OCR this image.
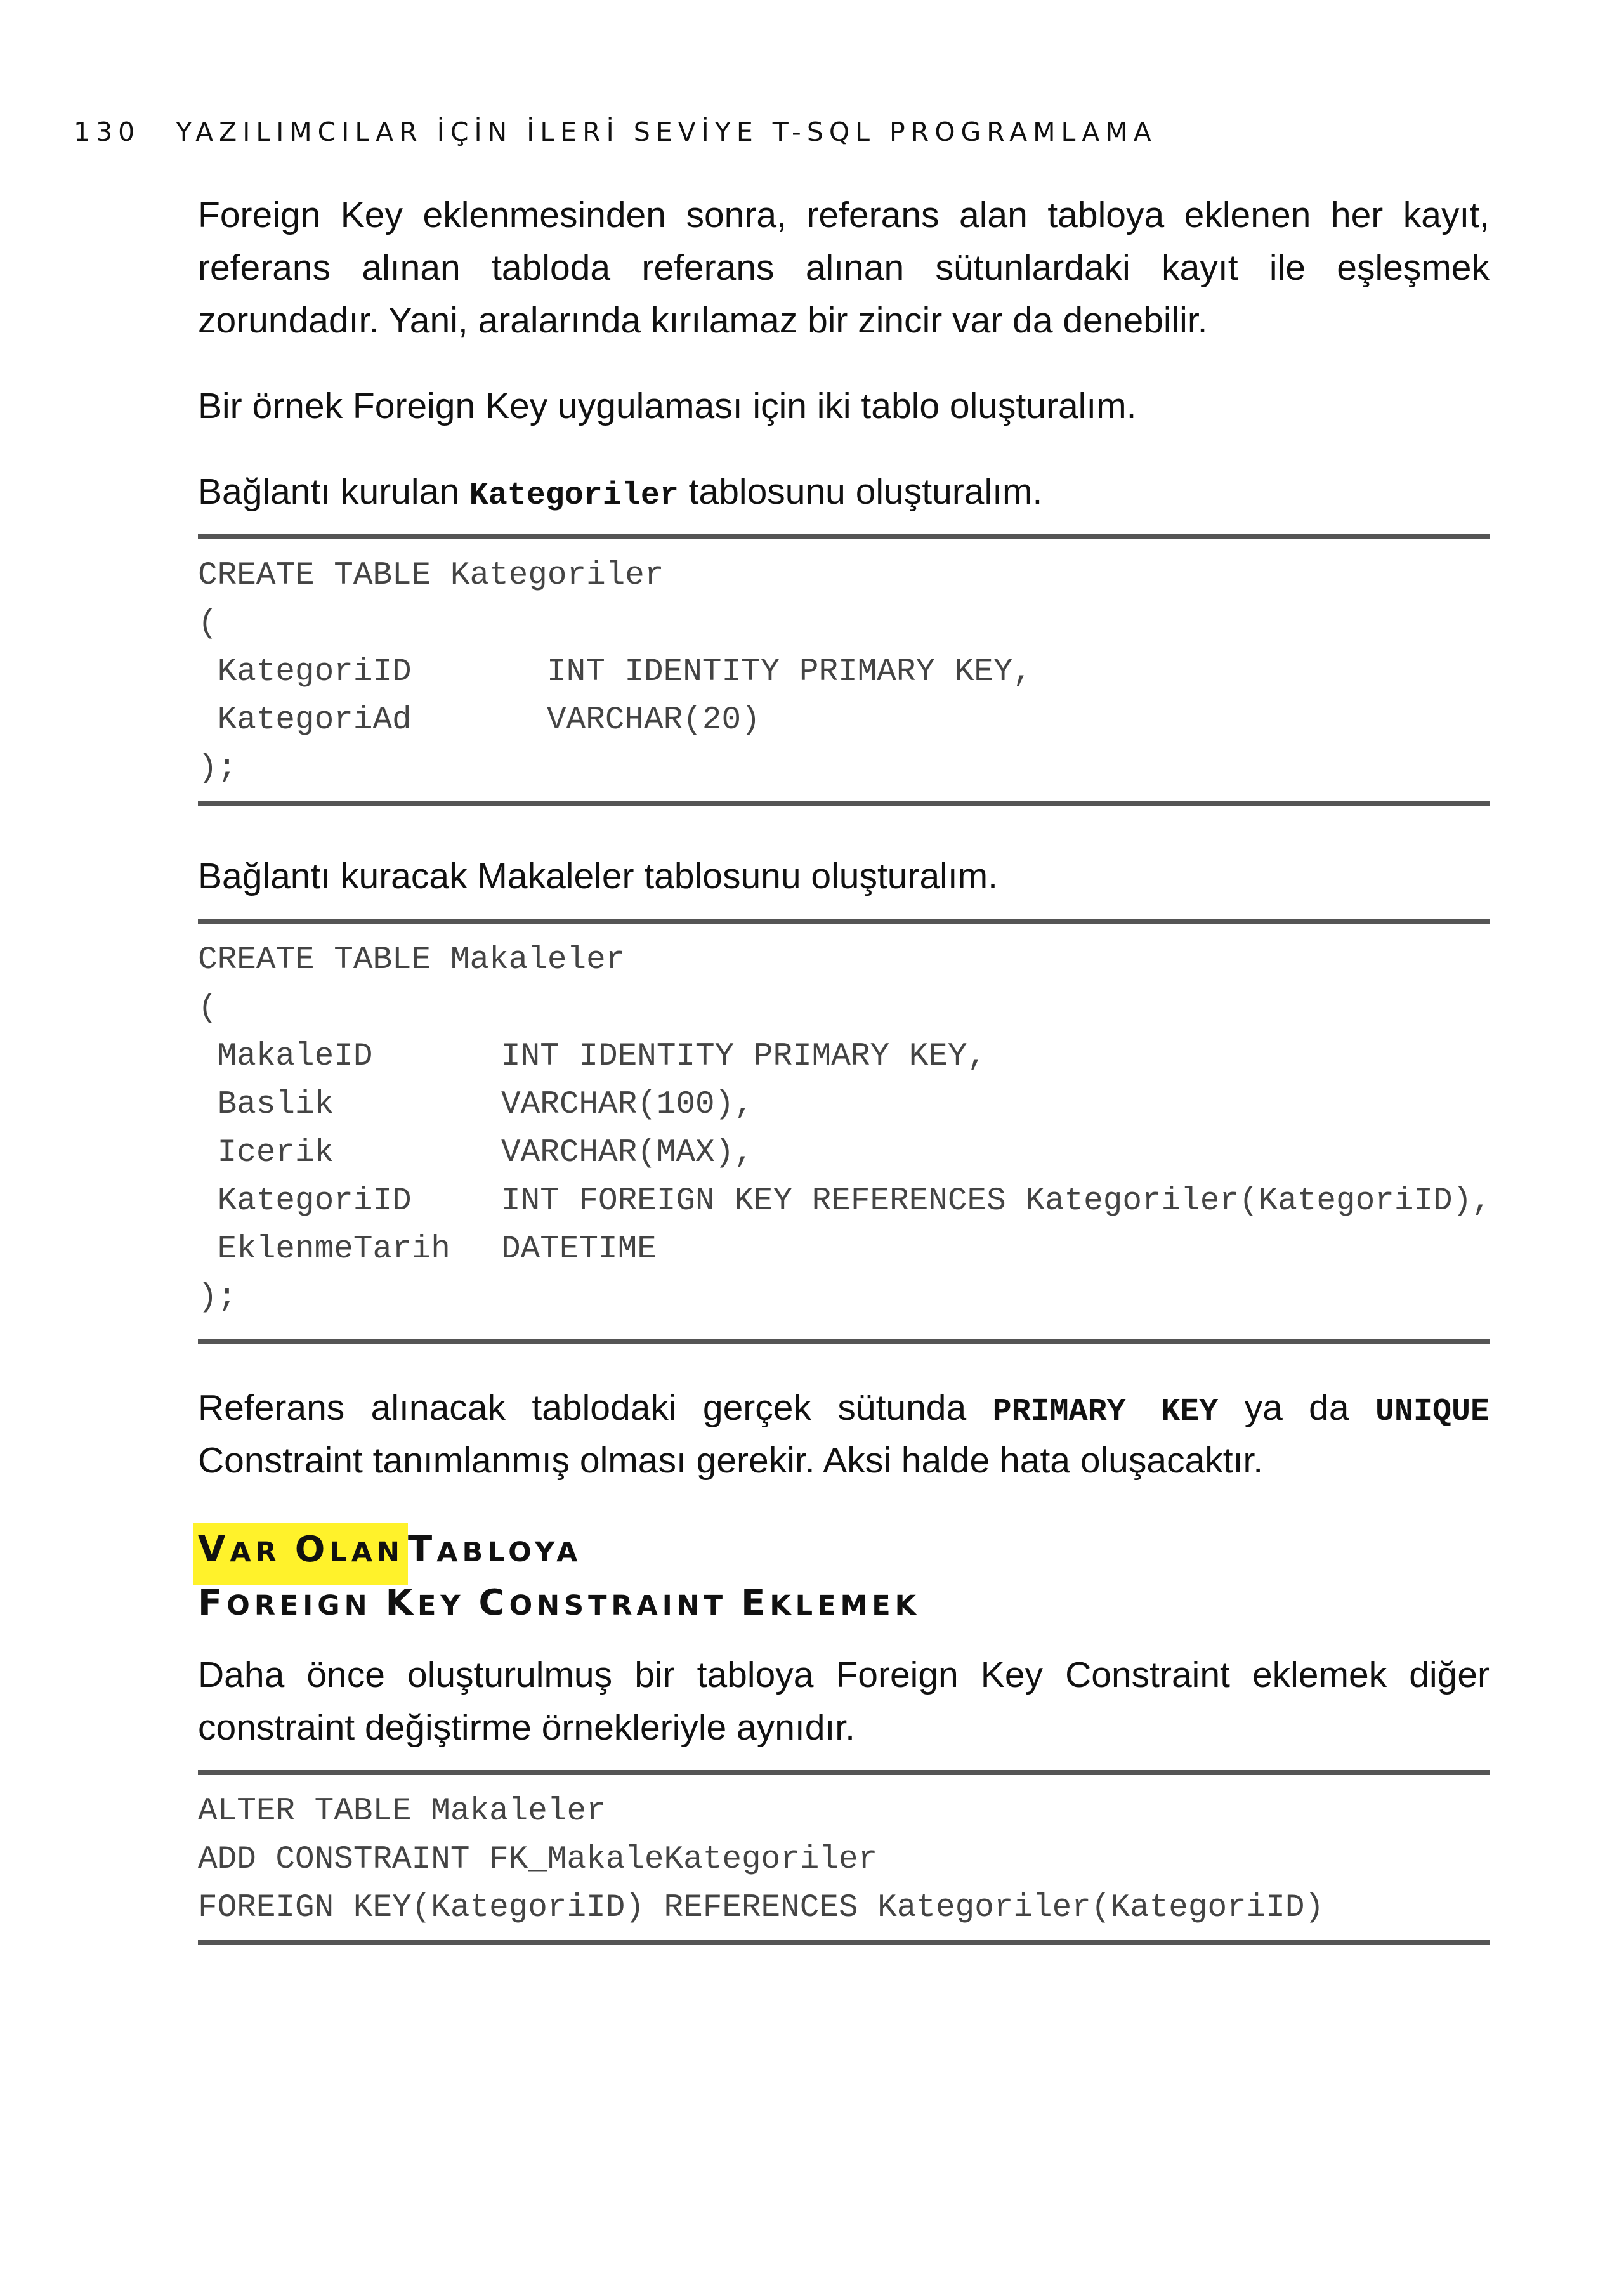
130 YAZILIMCILAR İÇİN İLERİ SEVİYE T-SQL PROGRAMLAMA

Foreign Key eklenmesinden sonra, referans alan tabloya eklenen her kayıt,

referans alınan tabloda referans alınan sütunlardaki kayıt ile eşleşmek

zorundadır. Yani, aralarında kırılamaz bir zincir var da denebilir.

Bir örnek Foreign Key uygulaması için iki tablo oluşturalım.

Bağlantı kurulan Kategoriler tablosunu oluşturalım.

CREATE TABLE Kategoriler
(
KategoriID	INT IDENTITY PRIMARY KEY,
KategoriAd	VARCHAR(20)
);

Bağlantı kuracak Makaleler tablosunu oluşturalım.

CREATE TABLE Makaleler
(
MakaleID	INT IDENTITY PRIMARY KEY,
Baslik	VARCHAR(100),
Icerik	VARCHAR(MAX),
KategoriID	INT FOREIGN KEY REFERENCES Kategoriler(KategoriID),
EklenmeTarih DATETIME
);

Referans alınacak tablodaki gerçek sütunda PRIMARY KEY ya da UNIQUE

Constraint tanımlanmış olması gerekir. Aksi halde hata oluşacaktır.

VAR OLAN TABLOYA
FOREIGN KEY CONSTRAINT EKLEMEK

Daha önce oluşturulmuş bir tabloya Foreign Key Constraint eklemek diğer

constraint değiştirme örnekleriyle aynıdır.

ALTER TABLE Makaleler
ADD CONSTRAINT FK_MakaleKategoriler
FOREIGN KEY(KategoriID) REFERENCES Kategoriler(KategoriID)
